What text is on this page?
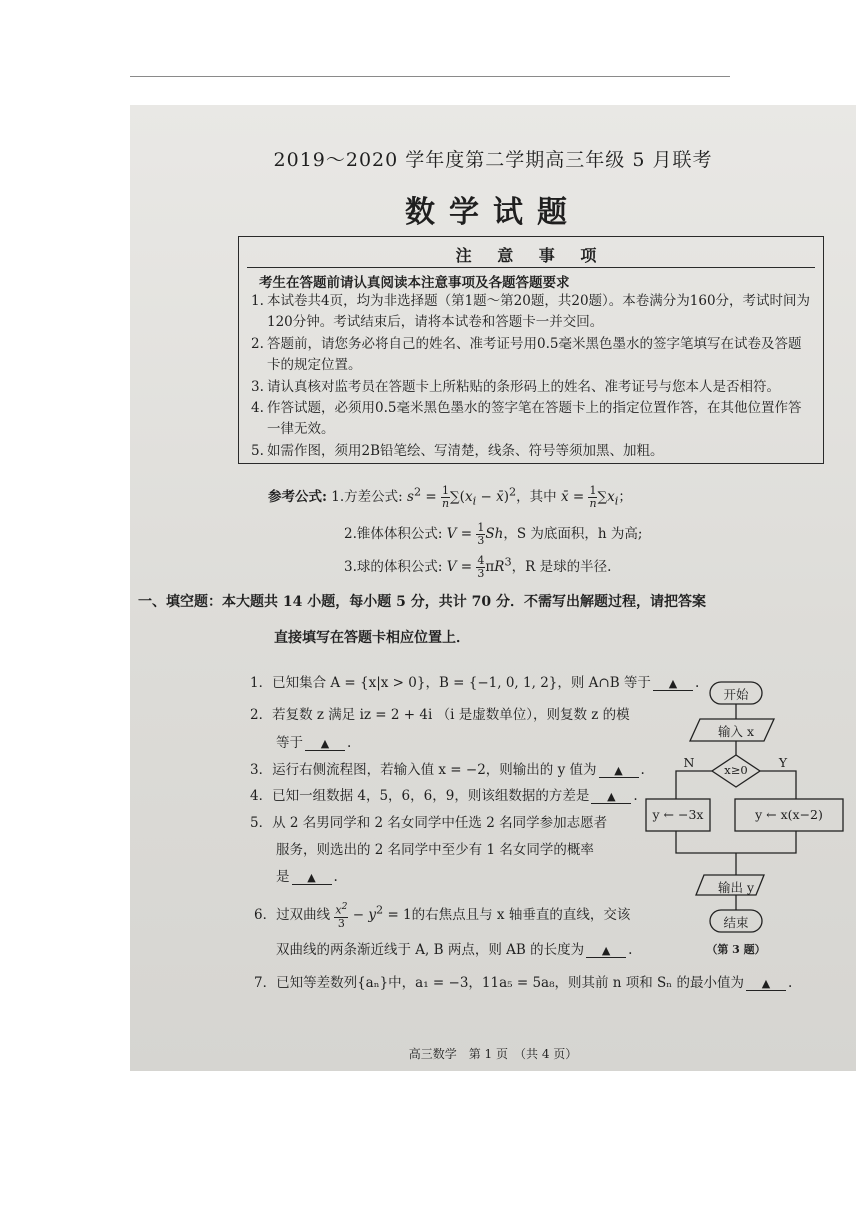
2019～2020 学年度第二学期高三年级 5 月联考
数学试题
注 意 事 项
考生在答题前请认真阅读本注意事项及各题答题要求
1. 本试卷共4页，均为非选择题（第1题～第20题，共20题）。本卷满分为160分，考试时间为120分钟。考试结束后，请将本试卷和答题卡一并交回。
2. 答题前，请您务必将自己的姓名、准考证号用0.5毫米黑色墨水的签字笔填写在试卷及答题卡的规定位置。
3. 请认真核对监考员在答题卡上所粘贴的条形码上的姓名、准考证号与您本人是否相符。
4. 作答试题，必须用0.5毫米黑色墨水的签字笔在答题卡上的指定位置作答，在其他位置作答一律无效。
5. 如需作图，须用2B铅笔绘、写清楚，线条、符号等须加黑、加粗。
参考公式: 1.方差公式: $s^2 = \frac{1}{n} \sum(x_i$ − x̄)$^2$，其中 x̄ = $\frac{1}{n} \sum x_i$；
2.锥体体积公式: $V = \frac{1}{3}$ Sh，S 为底面积，h 为高;
3.球的体积公式: $V = \frac{4}{3} \pi R^3$，R 是球的半径.
一、填空题：本大题共 14 小题，每小题 5 分，共计 70 分．不需写出解题过程，请把答案
直接填写在答题卡相应位置上．
1．已知集合 A = {x|x > 0}，B = {−1, 0, 1, 2}，则 A∩B 等于 ▲ .
2．若复数 z 满足 iz = 2 + 4i （i 是虚数单位），则复数 z 的模
等于 ▲ .
3．运行右侧流程图，若输入值 x = −2，则输出的 y 值为 ▲ .
4．已知一组数据 4，5，6，6，9，则该组数据的方差是 ▲ .
5．从 2 名男同学和 2 名女同学中任选 2 名同学参加志愿者
服务，则选出的 2 名同学中至少有 1 名女同学的概率
是 ▲ .
6．过双曲线 $\frac{x^2}{3} - y^2 = 1$的右焦点且与 x 轴垂直的直线，交该
双曲线的两条渐近线于 A, B 两点，则 AB 的长度为 ▲ .
7．已知等差数列{aₙ}中，a₁ = −3，11a₅ = 5a₈，则其前 n 项和 Sₙ 的最小值为 ▲ .
开始
输入 x
x≥0
N	Y
y ← −3x	y ← x(x−2)
输出 y
结束
（第 3 题）
高三数学　第 1 页　（共 4 页）
